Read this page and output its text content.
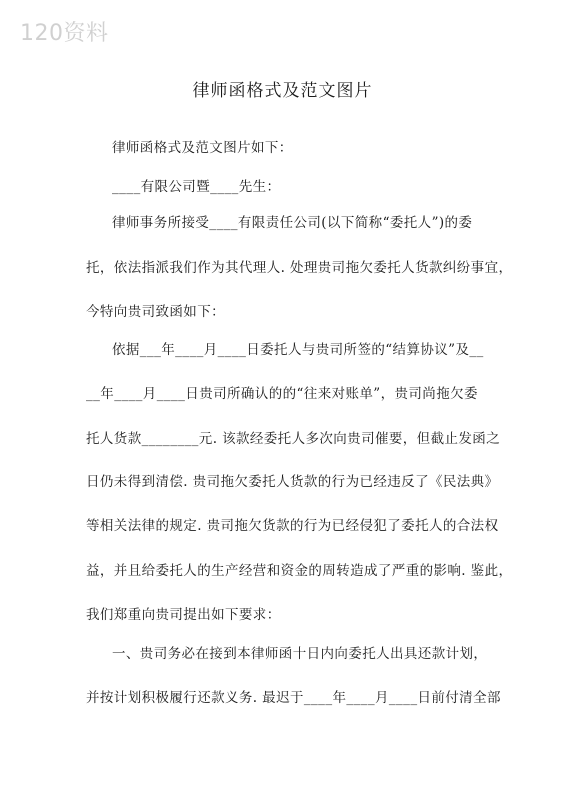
120资料
律师函格式及范文图片
律师函格式及范文图片如下：
____有限公司暨____先生：
律师事务所接受____有限责任公司(以下简称“委托人”)的委
托，依法指派我们作为其代理人. 处理贵司拖欠委托人货款纠纷事宜，
今特向贵司致函如下：
依据___年____月____日委托人与贵司所签的“结算协议”及__
__年____月____日贵司所确认的的“往来对账单”，贵司尚拖欠委
托人货款________元. 该款经委托人多次向贵司催要，但截止发函之
日仍未得到清偿. 贵司拖欠委托人货款的行为已经违反了《民法典》
等相关法律的规定. 贵司拖欠货款的行为已经侵犯了委托人的合法权
益，并且给委托人的生产经营和资金的周转造成了严重的影响. 鉴此，
我们郑重向贵司提出如下要求：
一、贵司务必在接到本律师函十日内向委托人出具还款计划，
并按计划积极履行还款义务. 最迟于____年____月____日前付清全部
